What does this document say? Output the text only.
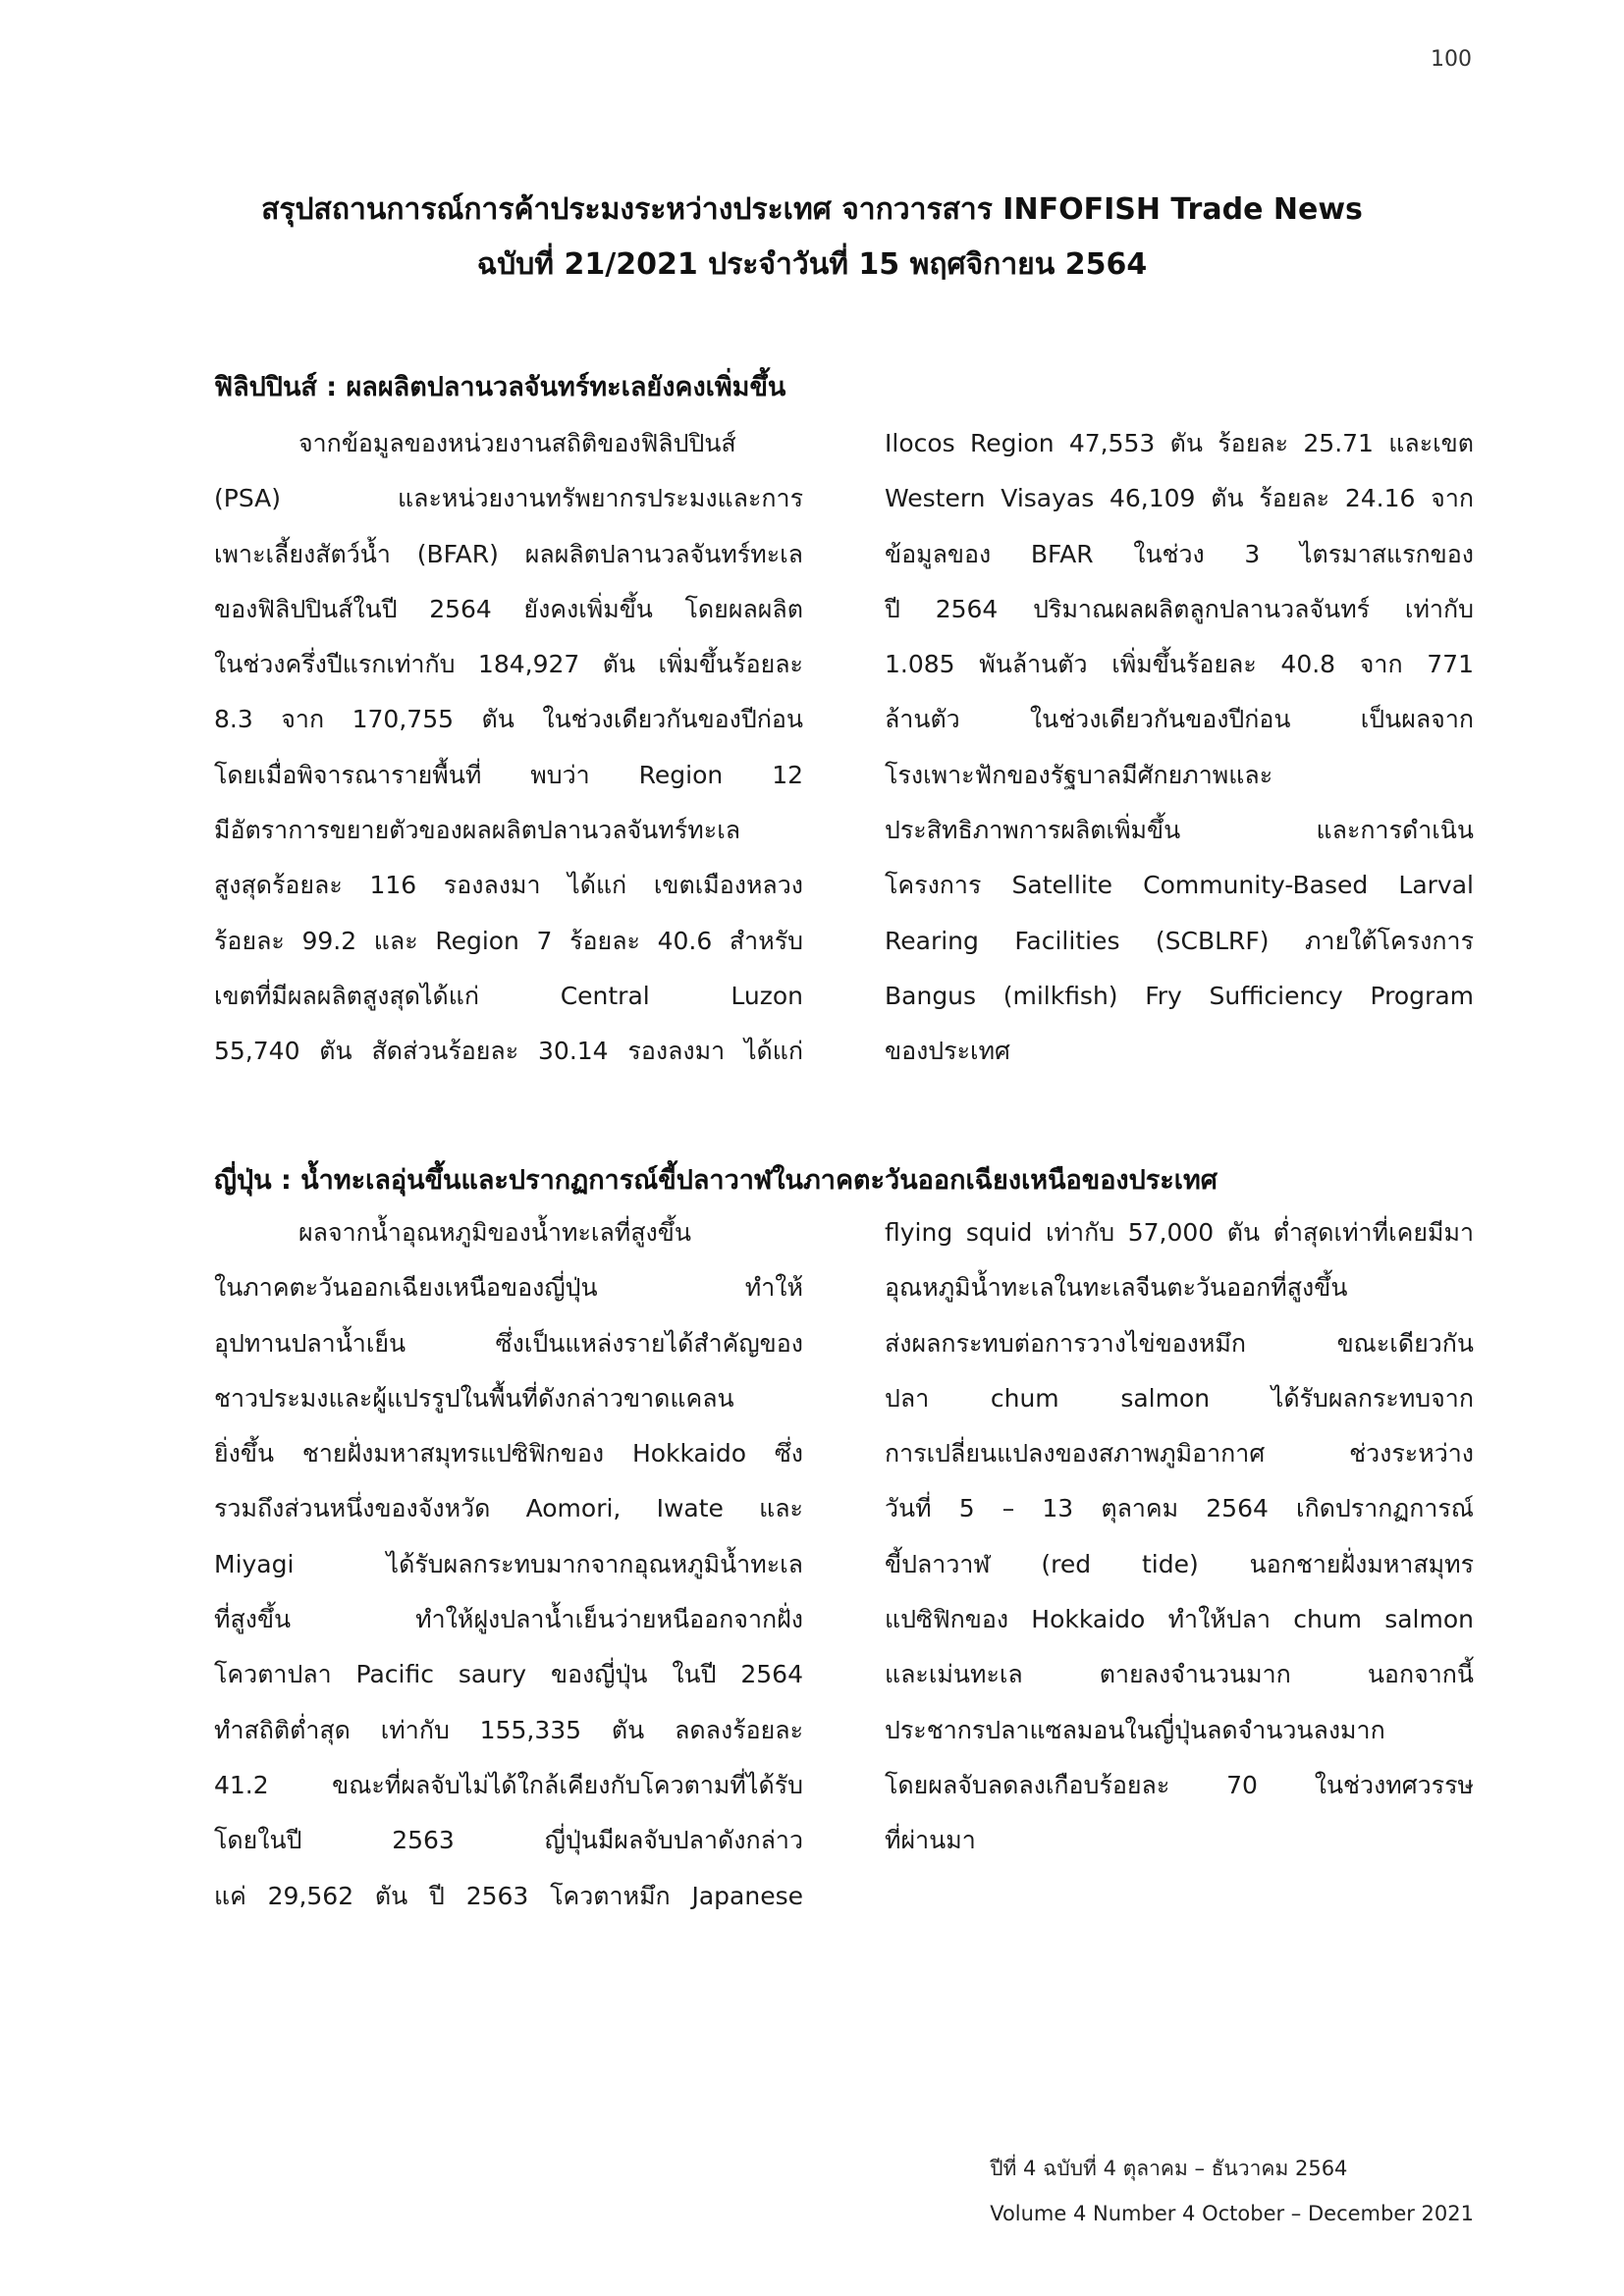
100
สรุปสถานการณ์การค้าประมงระหว่างประเทศ จากวารสาร INFOFISH Trade News
ฉบับที่ 21/2021 ประจำวันที่ 15 พฤศจิกายน 2564
ฟิลิปปินส์ : ผลผลิตปลานวลจันทร์ทะเลยังคงเพิ่มขึ้น
จากข้อมูลของหน่วยงานสถิติของฟิลิปปินส์
(PSA) และหน่วยงานทรัพยากรประมงและการ
เพาะเลี้ยงสัตว์น้ำ (BFAR) ผลผลิตปลานวลจันทร์ทะเล
ของฟิลิปปินส์ในปี 2564 ยังคงเพิ่มขึ้น โดยผลผลิต
ในช่วงครึ่งปีแรกเท่ากับ 184,927 ตัน เพิ่มขึ้นร้อยละ
8.3 จาก 170,755 ตัน ในช่วงเดียวกันของปีก่อน
โดยเมื่อพิจารณารายพื้นที่ พบว่า Region 12
มีอัตราการขยายตัวของผลผลิตปลานวลจันทร์ทะเล
สูงสุดร้อยละ 116 รองลงมา ได้แก่ เขตเมืองหลวง
ร้อยละ 99.2 และ Region 7 ร้อยละ 40.6 สำหรับ
เขตที่มีผลผลิตสูงสุดได้แก่ Central Luzon
55,740 ตัน สัดส่วนร้อยละ 30.14 รองลงมา ได้แก่
Ilocos Region 47,553 ตัน ร้อยละ 25.71 และเขต
Western Visayas 46,109 ตัน ร้อยละ 24.16 จาก
ข้อมูลของ BFAR ในช่วง 3 ไตรมาสแรกของ
ปี 2564 ปริมาณผลผลิตลูกปลานวลจันทร์ เท่ากับ
1.085 พันล้านตัว เพิ่มขึ้นร้อยละ 40.8 จาก 771
ล้านตัว ในช่วงเดียวกันของปีก่อน เป็นผลจาก
โรงเพาะฟักของรัฐบาลมีศักยภาพและ
ประสิทธิภาพการผลิตเพิ่มขึ้น และการดำเนิน
โครงการ Satellite Community-Based Larval
Rearing Facilities (SCBLRF) ภายใต้โครงการ
Bangus (milkfish) Fry Sufficiency Program
ของประเทศ
ญี่ปุ่น : น้ำทะเลอุ่นขึ้นและปรากฏการณ์ขี้ปลาวาฬในภาคตะวันออกเฉียงเหนือของประเทศ
ผลจากน้ำอุณหภูมิของน้ำทะเลที่สูงขึ้น
ในภาคตะวันออกเฉียงเหนือของญี่ปุ่น ทำให้
อุปทานปลาน้ำเย็น ซึ่งเป็นแหล่งรายได้สำคัญของ
ชาวประมงและผู้แปรรูปในพื้นที่ดังกล่าวขาดแคลน
ยิ่งขึ้น ชายฝั่งมหาสมุทรแปซิฟิกของ Hokkaido ซึ่ง
รวมถึงส่วนหนึ่งของจังหวัด Aomori, Iwate และ
Miyagi ได้รับผลกระทบมากจากอุณหภูมิน้ำทะเล
ที่สูงขึ้น ทำให้ฝูงปลาน้ำเย็นว่ายหนีออกจากฝั่ง
โควตาปลา Pacific saury ของญี่ปุ่น ในปี 2564
ทำสถิติต่ำสุด เท่ากับ 155,335 ตัน ลดลงร้อยละ
41.2 ขณะที่ผลจับไม่ได้ใกล้เคียงกับโควตามที่ได้รับ
โดยในปี 2563 ญี่ปุ่นมีผลจับปลาดังกล่าว
แค่ 29,562 ตัน ปี 2563 โควตาหมึก Japanese
flying squid เท่ากับ 57,000 ตัน ต่ำสุดเท่าที่เคยมีมา
อุณหภูมิน้ำทะเลในทะเลจีนตะวันออกที่สูงขึ้น
ส่งผลกระทบต่อการวางไข่ของหมึก ขณะเดียวกัน
ปลา chum salmon ได้รับผลกระทบจาก
การเปลี่ยนแปลงของสภาพภูมิอากาศ ช่วงระหว่าง
วันที่ 5 – 13 ตุลาคม 2564 เกิดปรากฏการณ์
ขี้ปลาวาฬ (red tide) นอกชายฝั่งมหาสมุทร
แปซิฟิกของ Hokkaido ทำให้ปลา chum salmon
และเม่นทะเล ตายลงจำนวนมาก นอกจากนี้
ประชากรปลาแซลมอนในญี่ปุ่นลดจำนวนลงมาก
โดยผลจับลดลงเกือบร้อยละ 70 ในช่วงทศวรรษ
ที่ผ่านมา
ปีที่ 4 ฉบับที่ 4 ตุลาคม – ธันวาคม 2564
Volume 4 Number 4 October – December 2021
